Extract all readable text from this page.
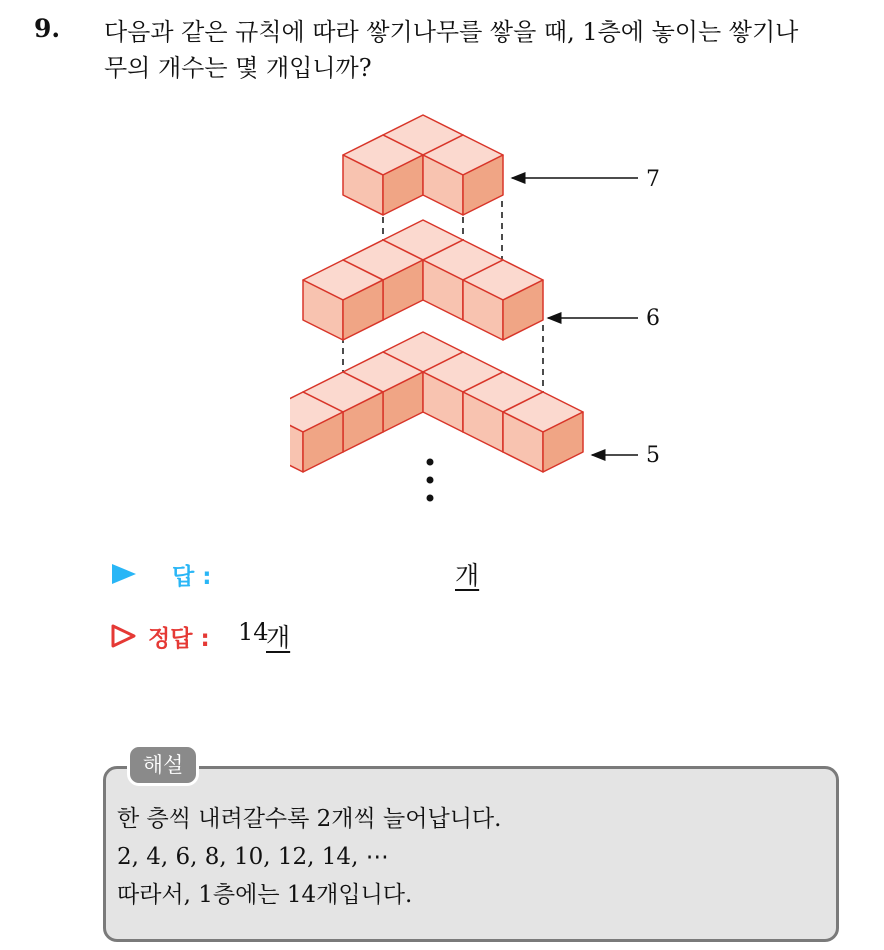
9. 다음과 같은 규칙에 따라 쌓기나무를 쌓을 때, 1층에 놓이는 쌓기나
무의 개수는 몇 개입니까?
7
6
5
답 :	개
정답 : 14
개
해설
한 층씩 내려갈수록 2개씩 늘어납니다.
2, 4, 6, 8, 10, 12, 14, ⋯
따라서, 1층에는 14개입니다.
